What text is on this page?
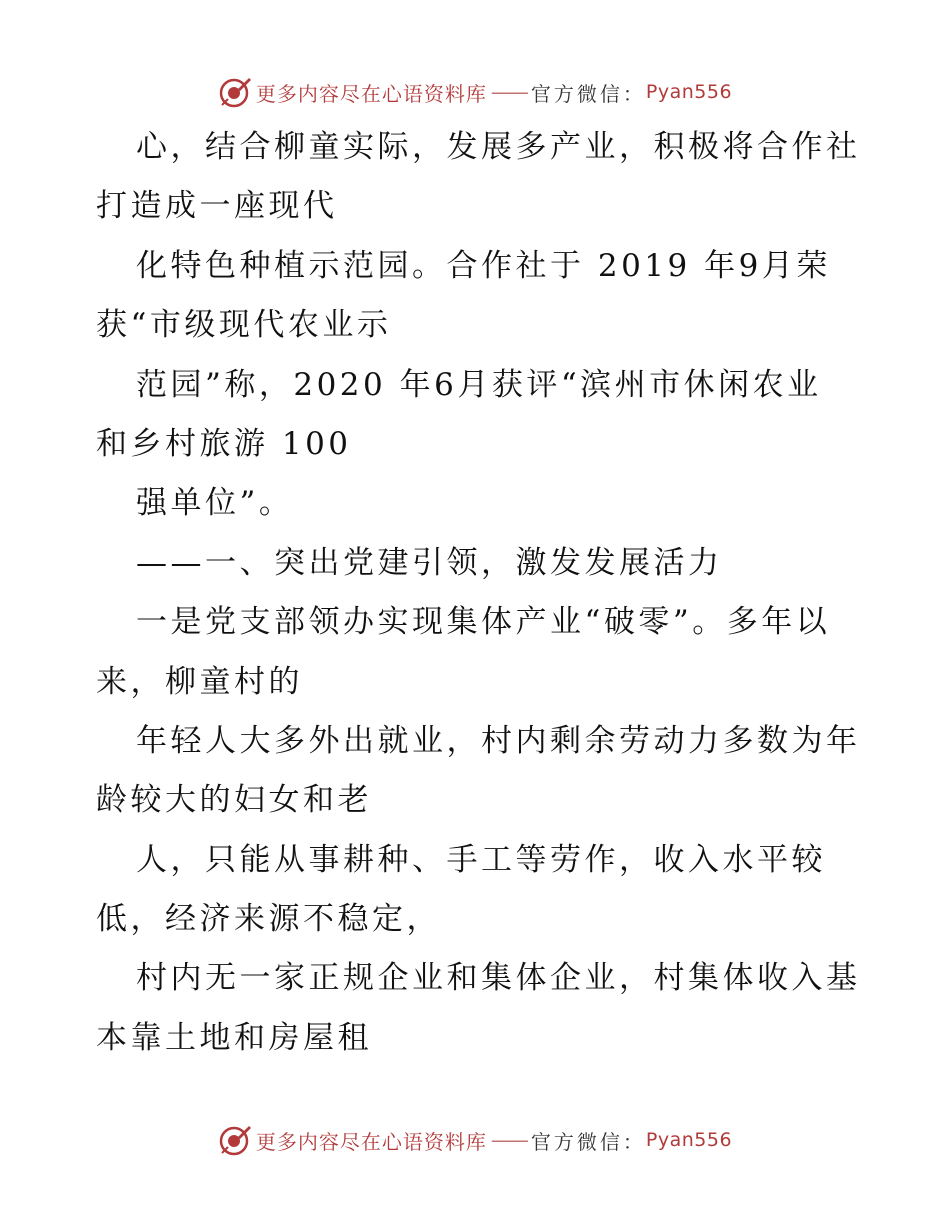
更多内容尽在心语资料库 —— 官方微信： Pyan556
心，结合柳童实际，发展多产业，积极将合作社
打造成一座现代
化特色种植示范园。合作社于 2019 年9月荣
获“市级现代农业示
范园”称，2020 年6月获评“滨州市休闲农业
和乡村旅游 100
强单位”。
——一、突出党建引领，激发发展活力
一是党支部领办实现集体产业“破零”。多年以
来，柳童村的
年轻人大多外出就业，村内剩余劳动力多数为年
龄较大的妇女和老
人，只能从事耕种、手工等劳作，收入水平较
低，经济来源不稳定，
村内无一家正规企业和集体企业，村集体收入基
本靠土地和房屋租
更多内容尽在心语资料库 —— 官方微信： Pyan556
